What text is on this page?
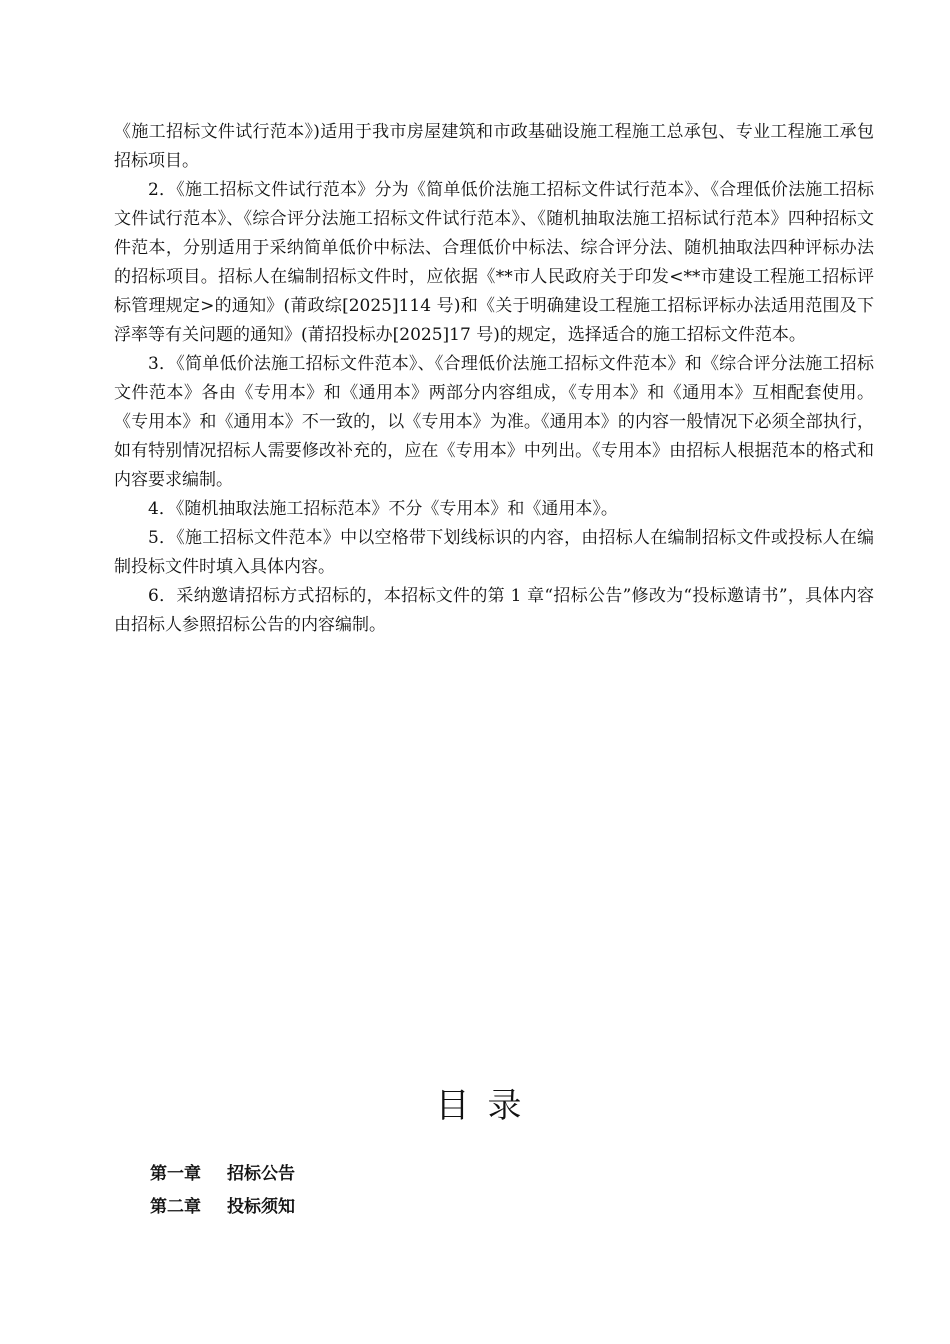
《施工招标文件试行范本》)适用于我市房屋建筑和市政基础设施工程施工总承包、专业工程施工承包招标项目。

2．《施工招标文件试行范本》分为《简单低价法施工招标文件试行范本》、《合理低价法施工招标文件试行范本》、《综合评分法施工招标文件试行范本》、《随机抽取法施工招标试行范本》四种招标文件范本，分别适用于采纳简单低价中标法、合理低价中标法、综合评分法、随机抽取法四种评标办法的招标项目。招标人在编制招标文件时，应依据《**市人民政府关于印发<**市建设工程施工招标评标管理规定>的通知》(莆政综[2025]114 号)和《关于明确建设工程施工招标评标办法适用范围及下浮率等有关问题的通知》(莆招投标办[2025]17 号)的规定，选择适合的施工招标文件范本。

3．《简单低价法施工招标文件范本》、《合理低价法施工招标文件范本》和《综合评分法施工招标文件范本》各由《专用本》和《通用本》两部分内容组成，《专用本》和《通用本》互相配套使用。《专用本》和《通用本》不一致的，以《专用本》为准。《通用本》的内容一般情况下必须全部执行，如有特别情况招标人需要修改补充的，应在《专用本》中列出。《专用本》由招标人根据范本的格式和内容要求编制。

4．《随机抽取法施工招标范本》不分《专用本》和《通用本》。

5．《施工招标文件范本》中以空格带下划线标识的内容，由招标人在编制招标文件或投标人在编制投标文件时填入具体内容。

6．采纳邀请招标方式招标的，本招标文件的第 1 章“招标公告”修改为“投标邀请书”，具体内容由招标人参照招标公告的内容编制。

目录
第一章	招标公告
第二章	投标须知
